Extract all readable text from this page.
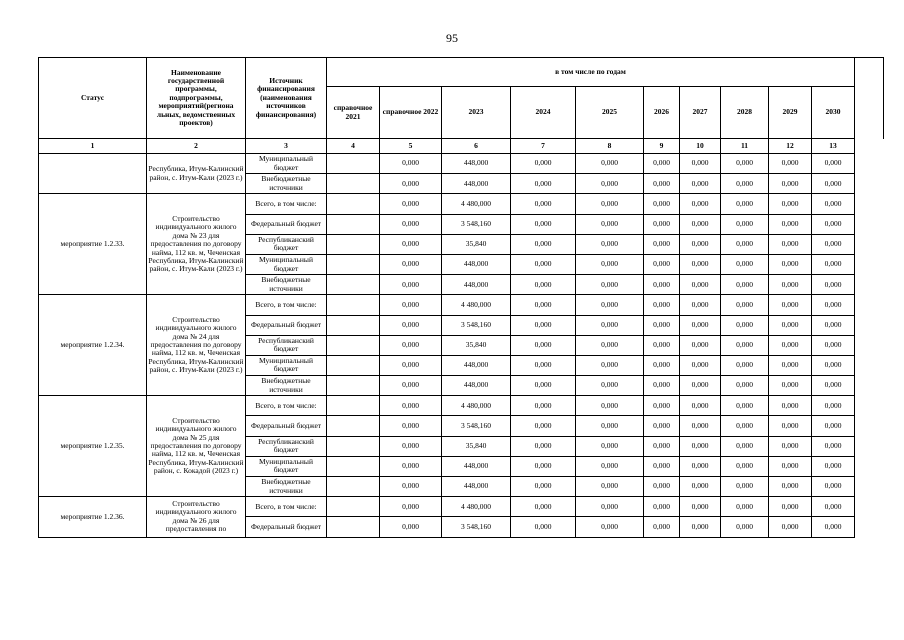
95
Статус	Наименование государственной программы, подпрограммы, мероприятий(региона льных, ведомственных проектов)	Источник финансирования (наименования источников финансирования)	в том числе по годам										
			справочное 2021	справочное 2022	2023	2024	2025	2026	2027	2028	2029	2030	
1	2	3	4	5	6	7	8	9	10	11	12	13	
	Республика, Итум-Калинский район, с. Итум-Кали (2023 г.)	Муниципальный бюджет		0,000	448,000	0,000	0,000	0,000	0,000	0,000	0,000	0,000	
		Внебюджетные источники		0,000	448,000	0,000	0,000	0,000	0,000	0,000	0,000	0,000	
мероприятие 1.2.33.	Строительство индивидуального жилого дома № 23 для предоставления по договору найма, 112 кв. м, Чеченская Республика, Итум-Калинский район, с. Итум-Кали (2023 г.)	Всего, в том числе:		0,000	4 480,000	0,000	0,000	0,000	0,000	0,000	0,000	0,000	
		Федеральный бюджет		0,000	3 548,160	0,000	0,000	0,000	0,000	0,000	0,000	0,000	
		Республиканский бюджет		0,000	35,840	0,000	0,000	0,000	0,000	0,000	0,000	0,000	
		Муниципальный бюджет		0,000	448,000	0,000	0,000	0,000	0,000	0,000	0,000	0,000	
		Внебюджетные источники		0,000	448,000	0,000	0,000	0,000	0,000	0,000	0,000	0,000	
мероприятие 1.2.34.	Строительство индивидуального жилого дома № 24 для предоставления по договору найма, 112 кв. м, Чеченская Республика, Итум-Калинский район, с. Итум-Кали (2023 г.)	Всего, в том числе:		0,000	4 480,000	0,000	0,000	0,000	0,000	0,000	0,000	0,000	
		Федеральный бюджет		0,000	3 548,160	0,000	0,000	0,000	0,000	0,000	0,000	0,000	
		Республиканский бюджет		0,000	35,840	0,000	0,000	0,000	0,000	0,000	0,000	0,000	
		Муниципальный бюджет		0,000	448,000	0,000	0,000	0,000	0,000	0,000	0,000	0,000	
		Внебюджетные источники		0,000	448,000	0,000	0,000	0,000	0,000	0,000	0,000	0,000	
мероприятие 1.2.35.	Строительство индивидуального жилого дома № 25 для предоставления по договору найма, 112 кв. м, Чеченская Республика, Итум-Калинский район, с. Кокадой (2023 г.)	Всего, в том числе:		0,000	4 480,000	0,000	0,000	0,000	0,000	0,000	0,000	0,000	
		Федеральный бюджет		0,000	3 548,160	0,000	0,000	0,000	0,000	0,000	0,000	0,000	
		Республиканский бюджет		0,000	35,840	0,000	0,000	0,000	0,000	0,000	0,000	0,000	
		Муниципальный бюджет		0,000	448,000	0,000	0,000	0,000	0,000	0,000	0,000	0,000	
		Внебюджетные источники		0,000	448,000	0,000	0,000	0,000	0,000	0,000	0,000	0,000	
мероприятие 1.2.36.	Строительство индивидуального жилого дома № 26 для предоставления по	Всего, в том числе:		0,000	4 480,000	0,000	0,000	0,000	0,000	0,000	0,000	0,000	
		Федеральный бюджет		0,000	3 548,160	0,000	0,000	0,000	0,000	0,000	0,000	0,000	
